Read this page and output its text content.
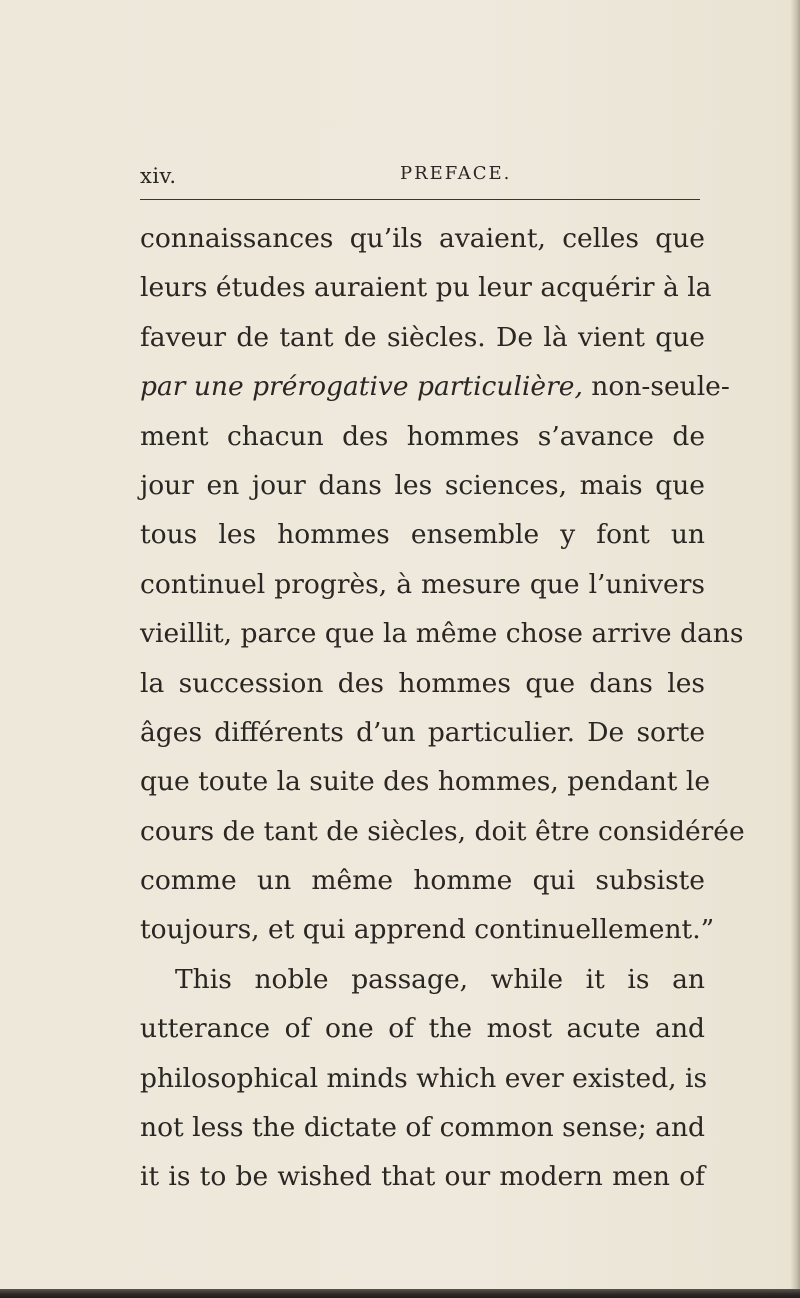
xiv.	PREFACE.
connaissances qu’ils avaient, celles que
leurs études auraient pu leur acquérir à la
faveur de tant de siècles. De là vient que
par une prérogative particulière, non-seule-
ment chacun des hommes s’avance de
jour en jour dans les sciences, mais que
tous les hommes ensemble y font un
continuel progrès, à mesure que l’univers
vieillit, parce que la même chose arrive dans
la succession des hommes que dans les
âges différents d’un particulier. De sorte
que toute la suite des hommes, pendant le
cours de tant de siècles, doit être considérée
comme un même homme qui subsiste
toujours, et qui apprend continuellement.”
This noble passage, while it is an
utterance of one of the most acute and
philosophical minds which ever existed, is
not less the dictate of common sense; and
it is to be wished that our modern men of
